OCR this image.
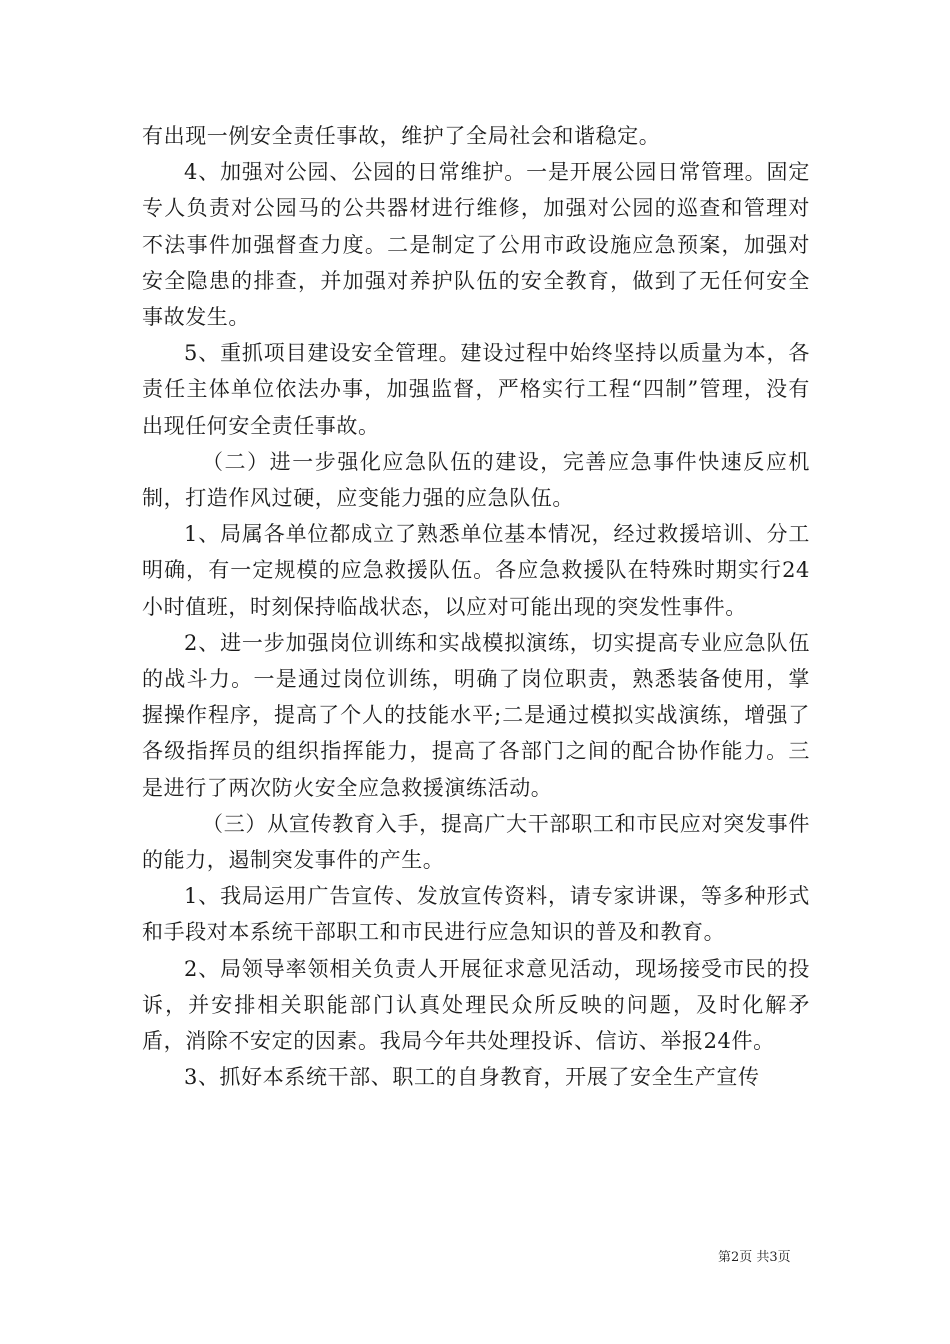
有出现一例安全责任事故，维护了全局社会和谐稳定。

4、加强对公园、公园的日常维护。一是开展公园日常管理。固定专人负责对公园马的公共器材进行维修，加强对公园的巡查和管理对不法事件加强督查力度。二是制定了公用市政设施应急预案，加强对安全隐患的排查，并加强对养护队伍的安全教育，做到了无任何安全事故发生。

5、重抓项目建设安全管理。建设过程中始终坚持以质量为本，各责任主体单位依法办事，加强监督，严格实行工程“四制”管理，没有出现任何安全责任事故。

（二）进一步强化应急队伍的建设，完善应急事件快速反应机制，打造作风过硬，应变能力强的应急队伍。

1、局属各单位都成立了熟悉单位基本情况，经过救援培训、分工明确，有一定规模的应急救援队伍。各应急救援队在特殊时期实行24小时值班，时刻保持临战状态，以应对可能出现的突发性事件。

2、进一步加强岗位训练和实战模拟演练，切实提高专业应急队伍的战斗力。一是通过岗位训练，明确了岗位职责，熟悉装备使用，掌握操作程序，提高了个人的技能水平;二是通过模拟实战演练，增强了各级指挥员的组织指挥能力，提高了各部门之间的配合协作能力。三是进行了两次防火安全应急救援演练活动。

（三）从宣传教育入手，提高广大干部职工和市民应对突发事件的能力，遏制突发事件的产生。

1、我局运用广告宣传、发放宣传资料，请专家讲课，等多种形式和手段对本系统干部职工和市民进行应急知识的普及和教育。

2、局领导率领相关负责人开展征求意见活动，现场接受市民的投诉，并安排相关职能部门认真处理民众所反映的问题，及时化解矛盾，消除不安定的因素。我局今年共处理投诉、信访、举报24件。

3、抓好本系统干部、职工的自身教育，开展了安全生产宣传

第2页 共3页
